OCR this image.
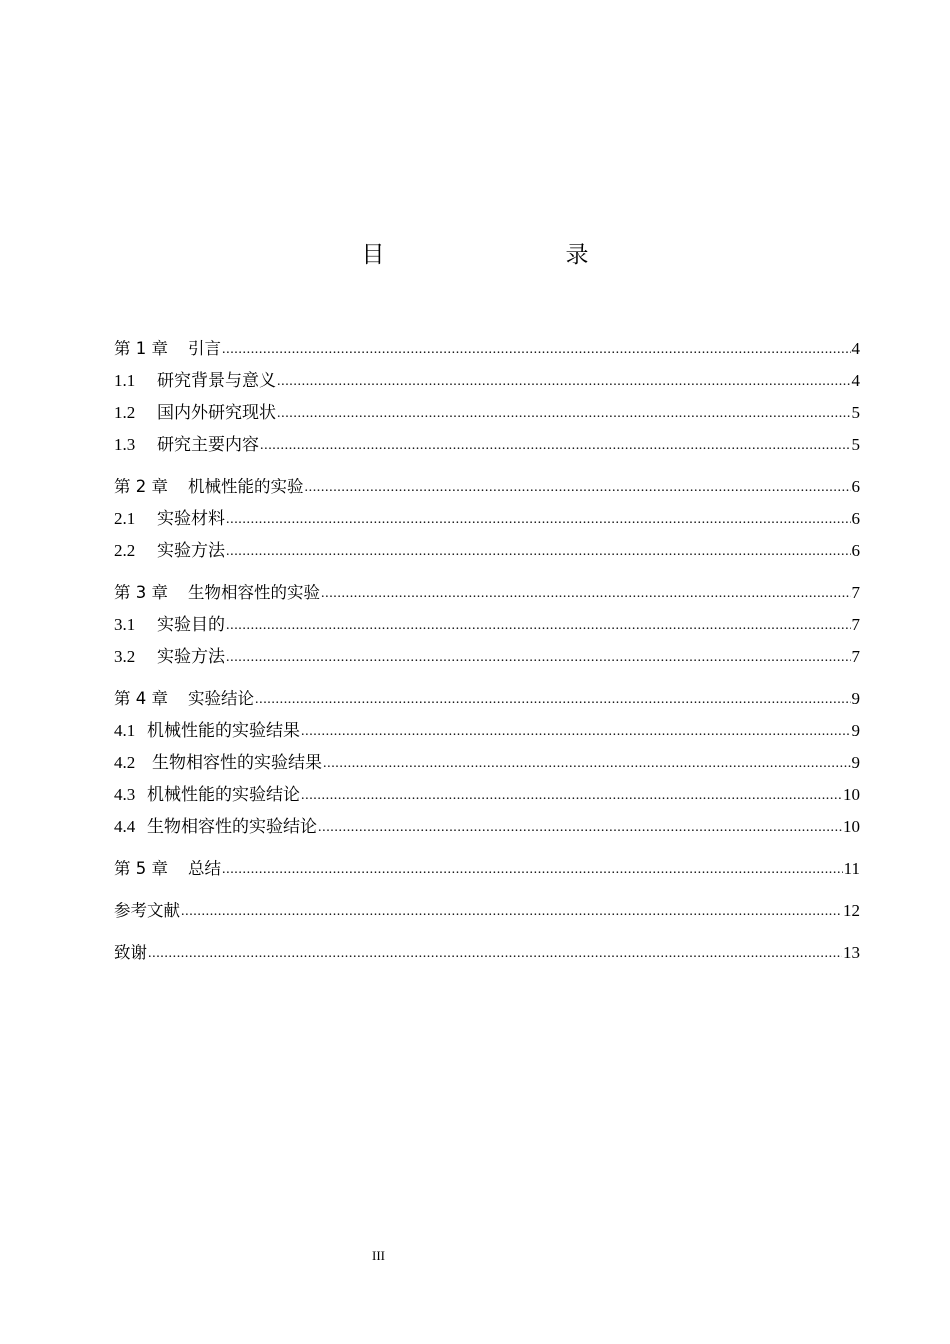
目　　录
第 1 章	引言 .....	4
1.1	研究背景与意义 .....	4
1.2	国内外研究现状 .....	5
1.3	研究主要内容 .....	5
第 2 章	机械性能的实验 .....	6
2.1	实验材料 .....	6
2.2	实验方法 .....	6
第 3 章	生物相容性的实验 .....	7
3.1	实验目的 .....	7
3.2	实验方法 .....	7
第 4 章	实验结论 .....	9
4.1 机械性能的实验结果 .....	9
4.2 生物相容性的实验结果 .....	9
4.3 机械性能的实验结论 .....	10
4.4 生物相容性的实验结论 .....	10
第 5 章	总结 .....	11
参考文献 .....	12
致谢 .....	13
III
